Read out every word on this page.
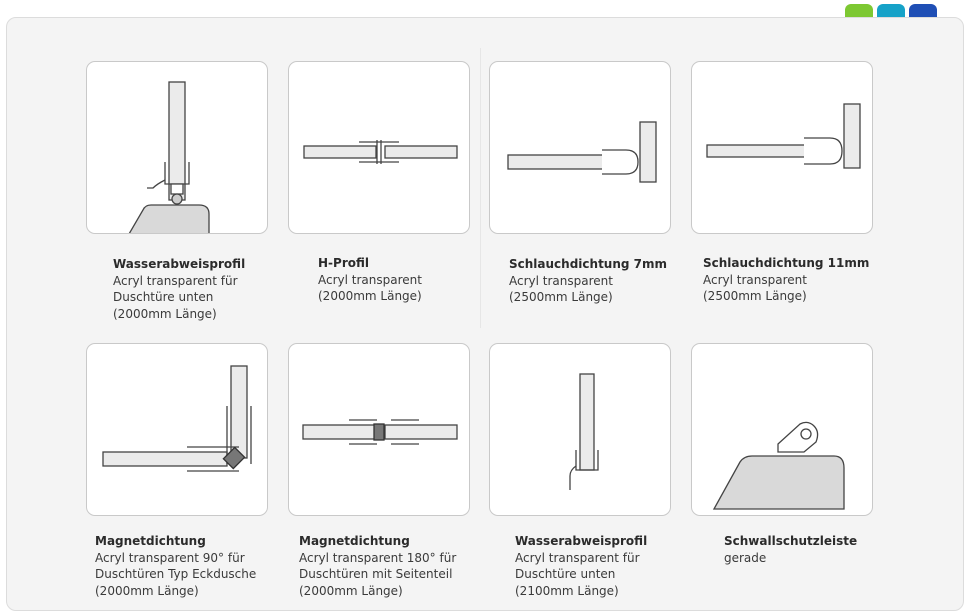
Wasserabweisprofil
Acryl transparent für
Duschtüre unten
(2000mm Länge)
H-Profil
Acryl transparent
(2000mm Länge)
Schlauchdichtung 7mm
Acryl transparent
(2500mm Länge)
Schlauchdichtung 11mm
Acryl transparent
(2500mm Länge)
Magnetdichtung
Acryl transparent 90° für
Duschtüren Typ Eckdusche
(2000mm Länge)
Magnetdichtung
Acryl transparent 180° für
Duschtüren mit Seitenteil
(2000mm Länge)
Wasserabweisprofil
Acryl transparent für
Duschtüre unten
(2100mm Länge)
Schwallschutzleiste
gerade
